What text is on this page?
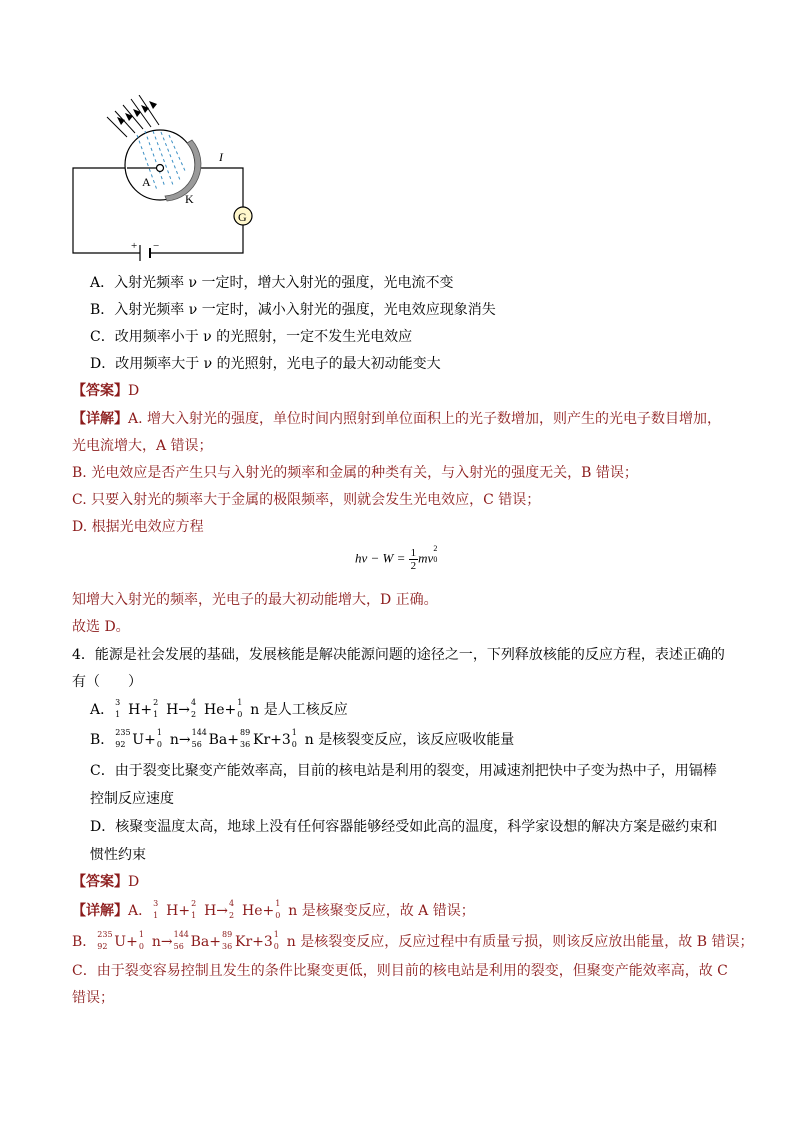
+ −
A
K
I
G
A．入射光频率 ν 一定时，增大入射光的强度，光电流不变
B．入射光频率 ν 一定时，减小入射光的强度，光电效应现象消失
C．改用频率小于 ν 的光照射，一定不发生光电效应
D．改用频率大于 ν 的光照射，光电子的最大初动能变大
【答案】D
【详解】A. 增大入射光的强度，单位时间内照射到单位面积上的光子数增加，则产生的光电子数目增加，
光电流增大，A 错误；
B. 光电效应是否产生只与入射光的频率和金属的种类有关，与入射光的强度无关，B 错误；
C. 只要入射光的频率大于金属的极限频率，则就会发生光电效应，C 错误；
D. 根据光电效应方程
$h\nu - W = \frac{1}{2}$ mv
2
0
知增大入射光的频率，光电子的最大初动能增大，D 正确。
故选 D。
4．能源是社会发展的基础，发展核能是解决能源问题的途径之一，下列释放核能的反应方程，表述正确的
有（　　）
A． 3
1 H+ 2
1 H→ 4
2 He+ 1
0 n 是人工核反应
B． 235
92 U+ 1
0 n→ 144
56 Ba+ 89
36 Kr+3 1
0 n 是核裂变反应，该反应吸收能量
C．由于裂变比聚变产能效率高，目前的核电站是利用的裂变，用减速剂把快中子变为热中子，用镉棒
控制反应速度
D．核聚变温度太高，地球上没有任何容器能够经受如此高的温度，科学家设想的解决方案是磁约束和
惯性约束
【答案】D
【详解】A． 3
1 H+ 2
1 H→ 4
2 He+ 1
0 n 是核聚变反应，故 A 错误；
B． 235
92 U+ 1
0 n→ 144
56 Ba+ 89
36 Kr+3 1
0 n 是核裂变反应，反应过程中有质量亏损，则该反应放出能量，故 B 错误；
C．由于裂变容易控制且发生的条件比聚变更低，则目前的核电站是利用的裂变，但聚变产能效率高，故 C
错误；
